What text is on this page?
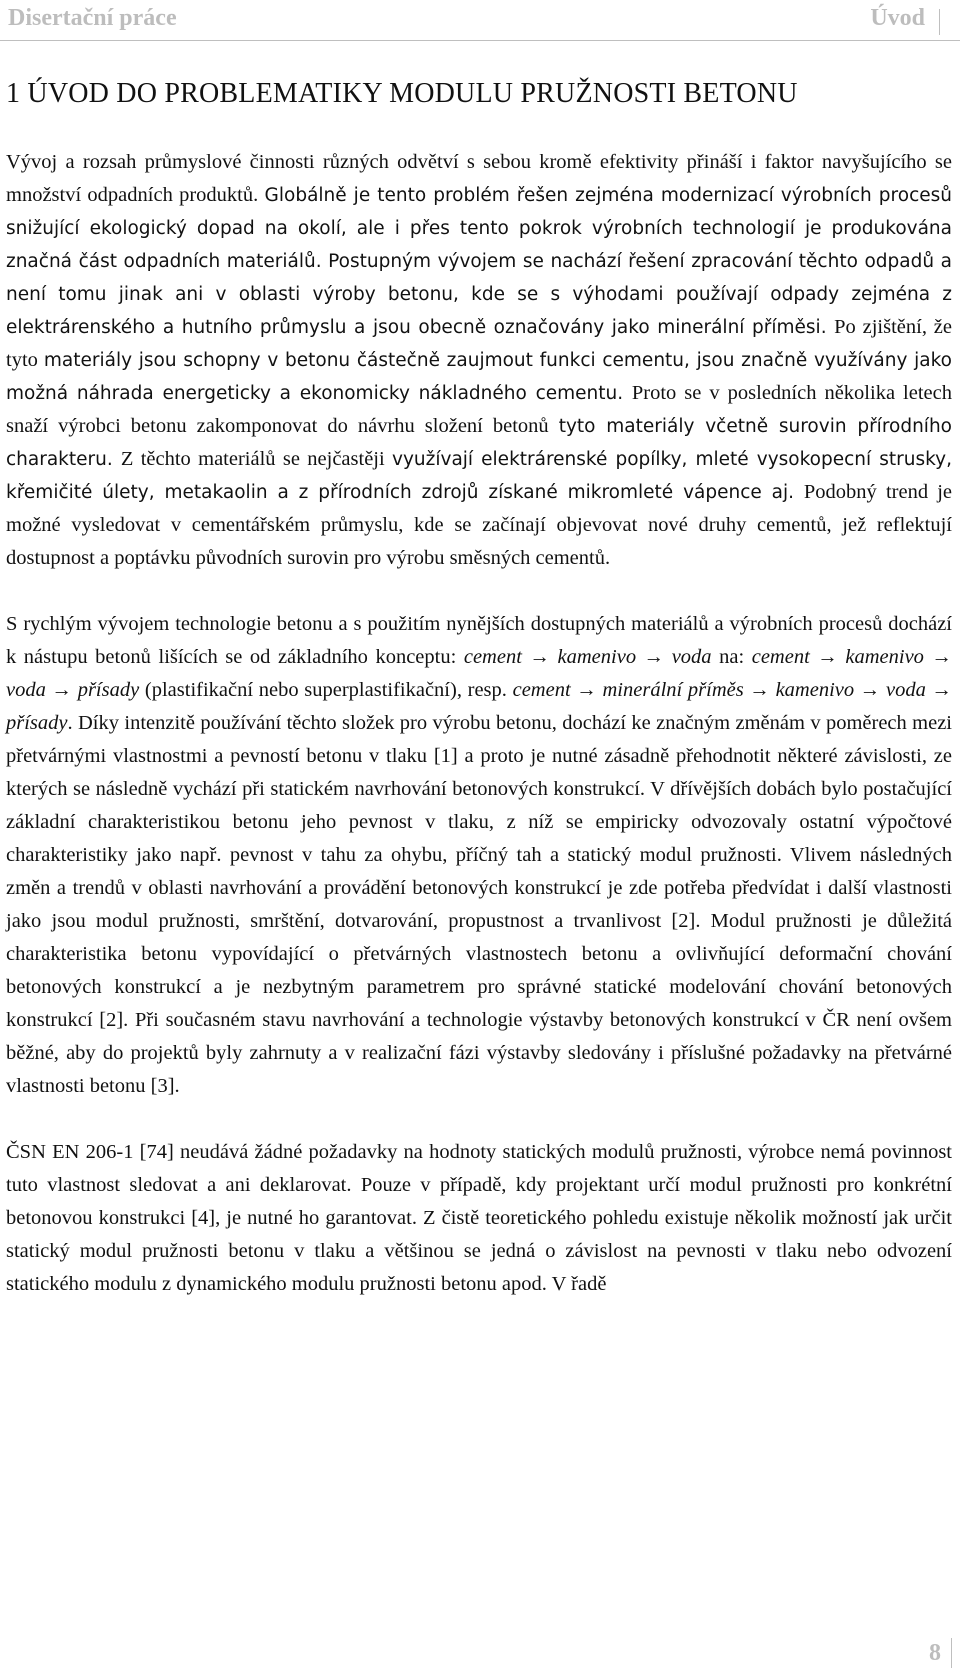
Disertační práce	Úvod
1 ÚVOD DO PROBLEMATIKY MODULU PRUŽNOSTI BETONU

Vývoj a rozsah průmyslové činnosti různých odvětví s sebou kromě efektivity přináší i faktor navyšujícího se množství odpadních produktů. Globálně je tento problém řešen zejména modernizací výrobních procesů snižující ekologický dopad na okolí, ale i přes tento pokrok výrobních technologií je produkována značná část odpadních materiálů. Postupným vývojem se nachází řešení zpracování těchto odpadů a není tomu jinak ani v oblasti výroby betonu, kde se s výhodami používají odpady zejména z elektrárenského a hutního průmyslu a jsou obecně označovány jako minerální příměsi. Po zjištění, že tyto materiály jsou schopny v betonu částečně zaujmout funkci cementu, jsou značně využívány jako možná náhrada energeticky a ekonomicky nákladného cementu. Proto se v posledních několika letech snaží výrobci betonu zakomponovat do návrhu složení betonů tyto materiály včetně surovin přírodního charakteru. Z těchto materiálů se nejčastěji využívají elektrárenské popílky, mleté vysokopecní strusky, křemičité úlety, metakaolin a z přírodních zdrojů získané mikromleté vápence aj. Podobný trend je možné vysledovat v cementářském průmyslu, kde se začínají objevovat nové druhy cementů, jež reflektují dostupnost a poptávku původních surovin pro výrobu směsných cementů.

S rychlým vývojem technologie betonu a s použitím nynějších dostupných materiálů a výrobních procesů dochází k nástupu betonů lišících se od základního konceptu: cement → kamenivo → voda na: cement → kamenivo → voda → přísady (plastifikační nebo superplastifikační), resp. cement → minerální příměs → kamenivo → voda → přísady. Díky intenzitě používání těchto složek pro výrobu betonu, dochází ke značným změnám v poměrech mezi přetvárnými vlastnostmi a pevností betonu v tlaku [1] a proto je nutné zásadně přehodnotit některé závislosti, ze kterých se následně vychází při statickém navrhování betonových konstrukcí. V dřívějších dobách bylo postačující základní charakteristikou betonu jeho pevnost v tlaku, z níž se empiricky odvozovaly ostatní výpočtové charakteristiky jako např. pevnost v tahu za ohybu, příčný tah a statický modul pružnosti. Vlivem následných změn a trendů v oblasti navrhování a provádění betonových konstrukcí je zde potřeba předvídat i další vlastnosti jako jsou modul pružnosti, smrštění, dotvarování, propustnost a trvanlivost [2]. Modul pružnosti je důležitá charakteristika betonu vypovídající o přetvárných vlastnostech betonu a ovlivňující deformační chování betonových konstrukcí a je nezbytným parametrem pro správné statické modelování chování betonových konstrukcí [2]. Při současném stavu navrhování a technologie výstavby betonových konstrukcí v ČR není ovšem běžné, aby do projektů byly zahrnuty a v realizační fázi výstavby sledovány i příslušné požadavky na přetvárné vlastnosti betonu [3].

ČSN EN 206-1 [74] neudává žádné požadavky na hodnoty statických modulů pružnosti, výrobce nemá povinnost tuto vlastnost sledovat a ani deklarovat. Pouze v případě, kdy projektant určí modul pružnosti pro konkrétní betonovou konstrukci [4], je nutné ho garantovat. Z čistě teoretického pohledu existuje několik možností jak určit statický modul pružnosti betonu v tlaku a většinou se jedná o závislost na pevnosti v tlaku nebo odvození statického modulu z dynamického modulu pružnosti betonu apod. V řadě

8
